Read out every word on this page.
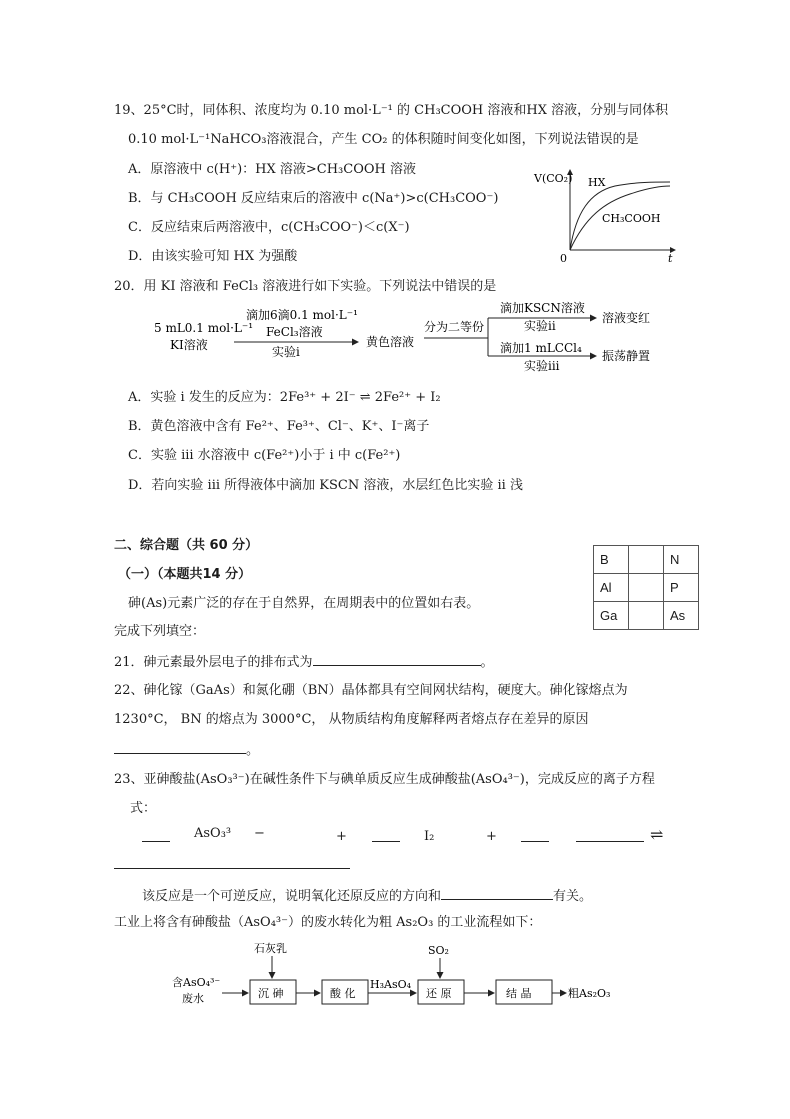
19、25°C时，同体积、浓度均为 0.10 mol·L⁻¹ 的 CH₃COOH 溶液和HX 溶液，分别与同体积
0.10 mol·L⁻¹NaHCO₃溶液混合，产生 CO₂ 的体积随时间变化如图，下列说法错误的是
A．原溶液中 c(H⁺)：HX 溶液>CH₃COOH 溶液
B．与 CH₃COOH 反应结束后的溶液中 c(Na⁺)>c(CH₃COO⁻)
C．反应结束后两溶液中，c(CH₃COO⁻)＜c(X⁻)
D．由该实验可知 HX 为强酸
V(CO₂) HX
CH₃COOH
0	t
20．用 KI 溶液和 FeCl₃ 溶液进行如下实验。下列说法中错误的是
5 mL0.1 mol·L⁻¹
KI溶液
滴加6滴0.1 mol·L⁻¹
FeCl₃溶液
实验i
黄色溶液
分为二等份
滴加KSCN溶液
实验ii
溶液变红
滴加1 mLCCl₄
实验iii
振荡静置
A．实验 i 发生的反应为：2Fe³⁺ + 2I⁻ ⇌ 2Fe²⁺ + I₂
B．黄色溶液中含有 Fe²⁺、Fe³⁺、Cl⁻、K⁺、I⁻离子
C．实验 iii 水溶液中 c(Fe²⁺)小于 i 中 c(Fe²⁺)
D．若向实验 iii 所得液体中滴加 KSCN 溶液，水层红色比实验 ii 浅
二、综合题（共 60 分）
（一）（本题共14 分）
砷(As)元素广泛的存在于自然界，在周期表中的位置如右表。
完成下列填空：
B		N
Al		P
Ga		As
21．砷元素最外层电子的排布式为	。
22、砷化镓（GaAs）和氮化硼（BN）晶体都具有空间网状结构，硬度大。砷化镓熔点为
1230°C， BN 的熔点为 3000°C， 从物质结构角度解释两者熔点存在差异的原因
。
23、亚砷酸盐(AsO₃³⁻)在碱性条件下与碘单质反应生成砷酸盐(AsO₄³⁻)，完成反应的离子方程
式：
AsO₃³ −	+	I₂	+	⇌
该反应是一个可逆反应，说明氧化还原反应的方向和	有关。
工业上将含有砷酸盐（AsO₄³⁻）的废水转化为粗 As₂O₃ 的工业流程如下：
含AsO₄³⁻
废水
石灰乳
沉 砷	酸 化
H₃AsO₄
SO₂
还 原	结 晶	粗As₂O₃
